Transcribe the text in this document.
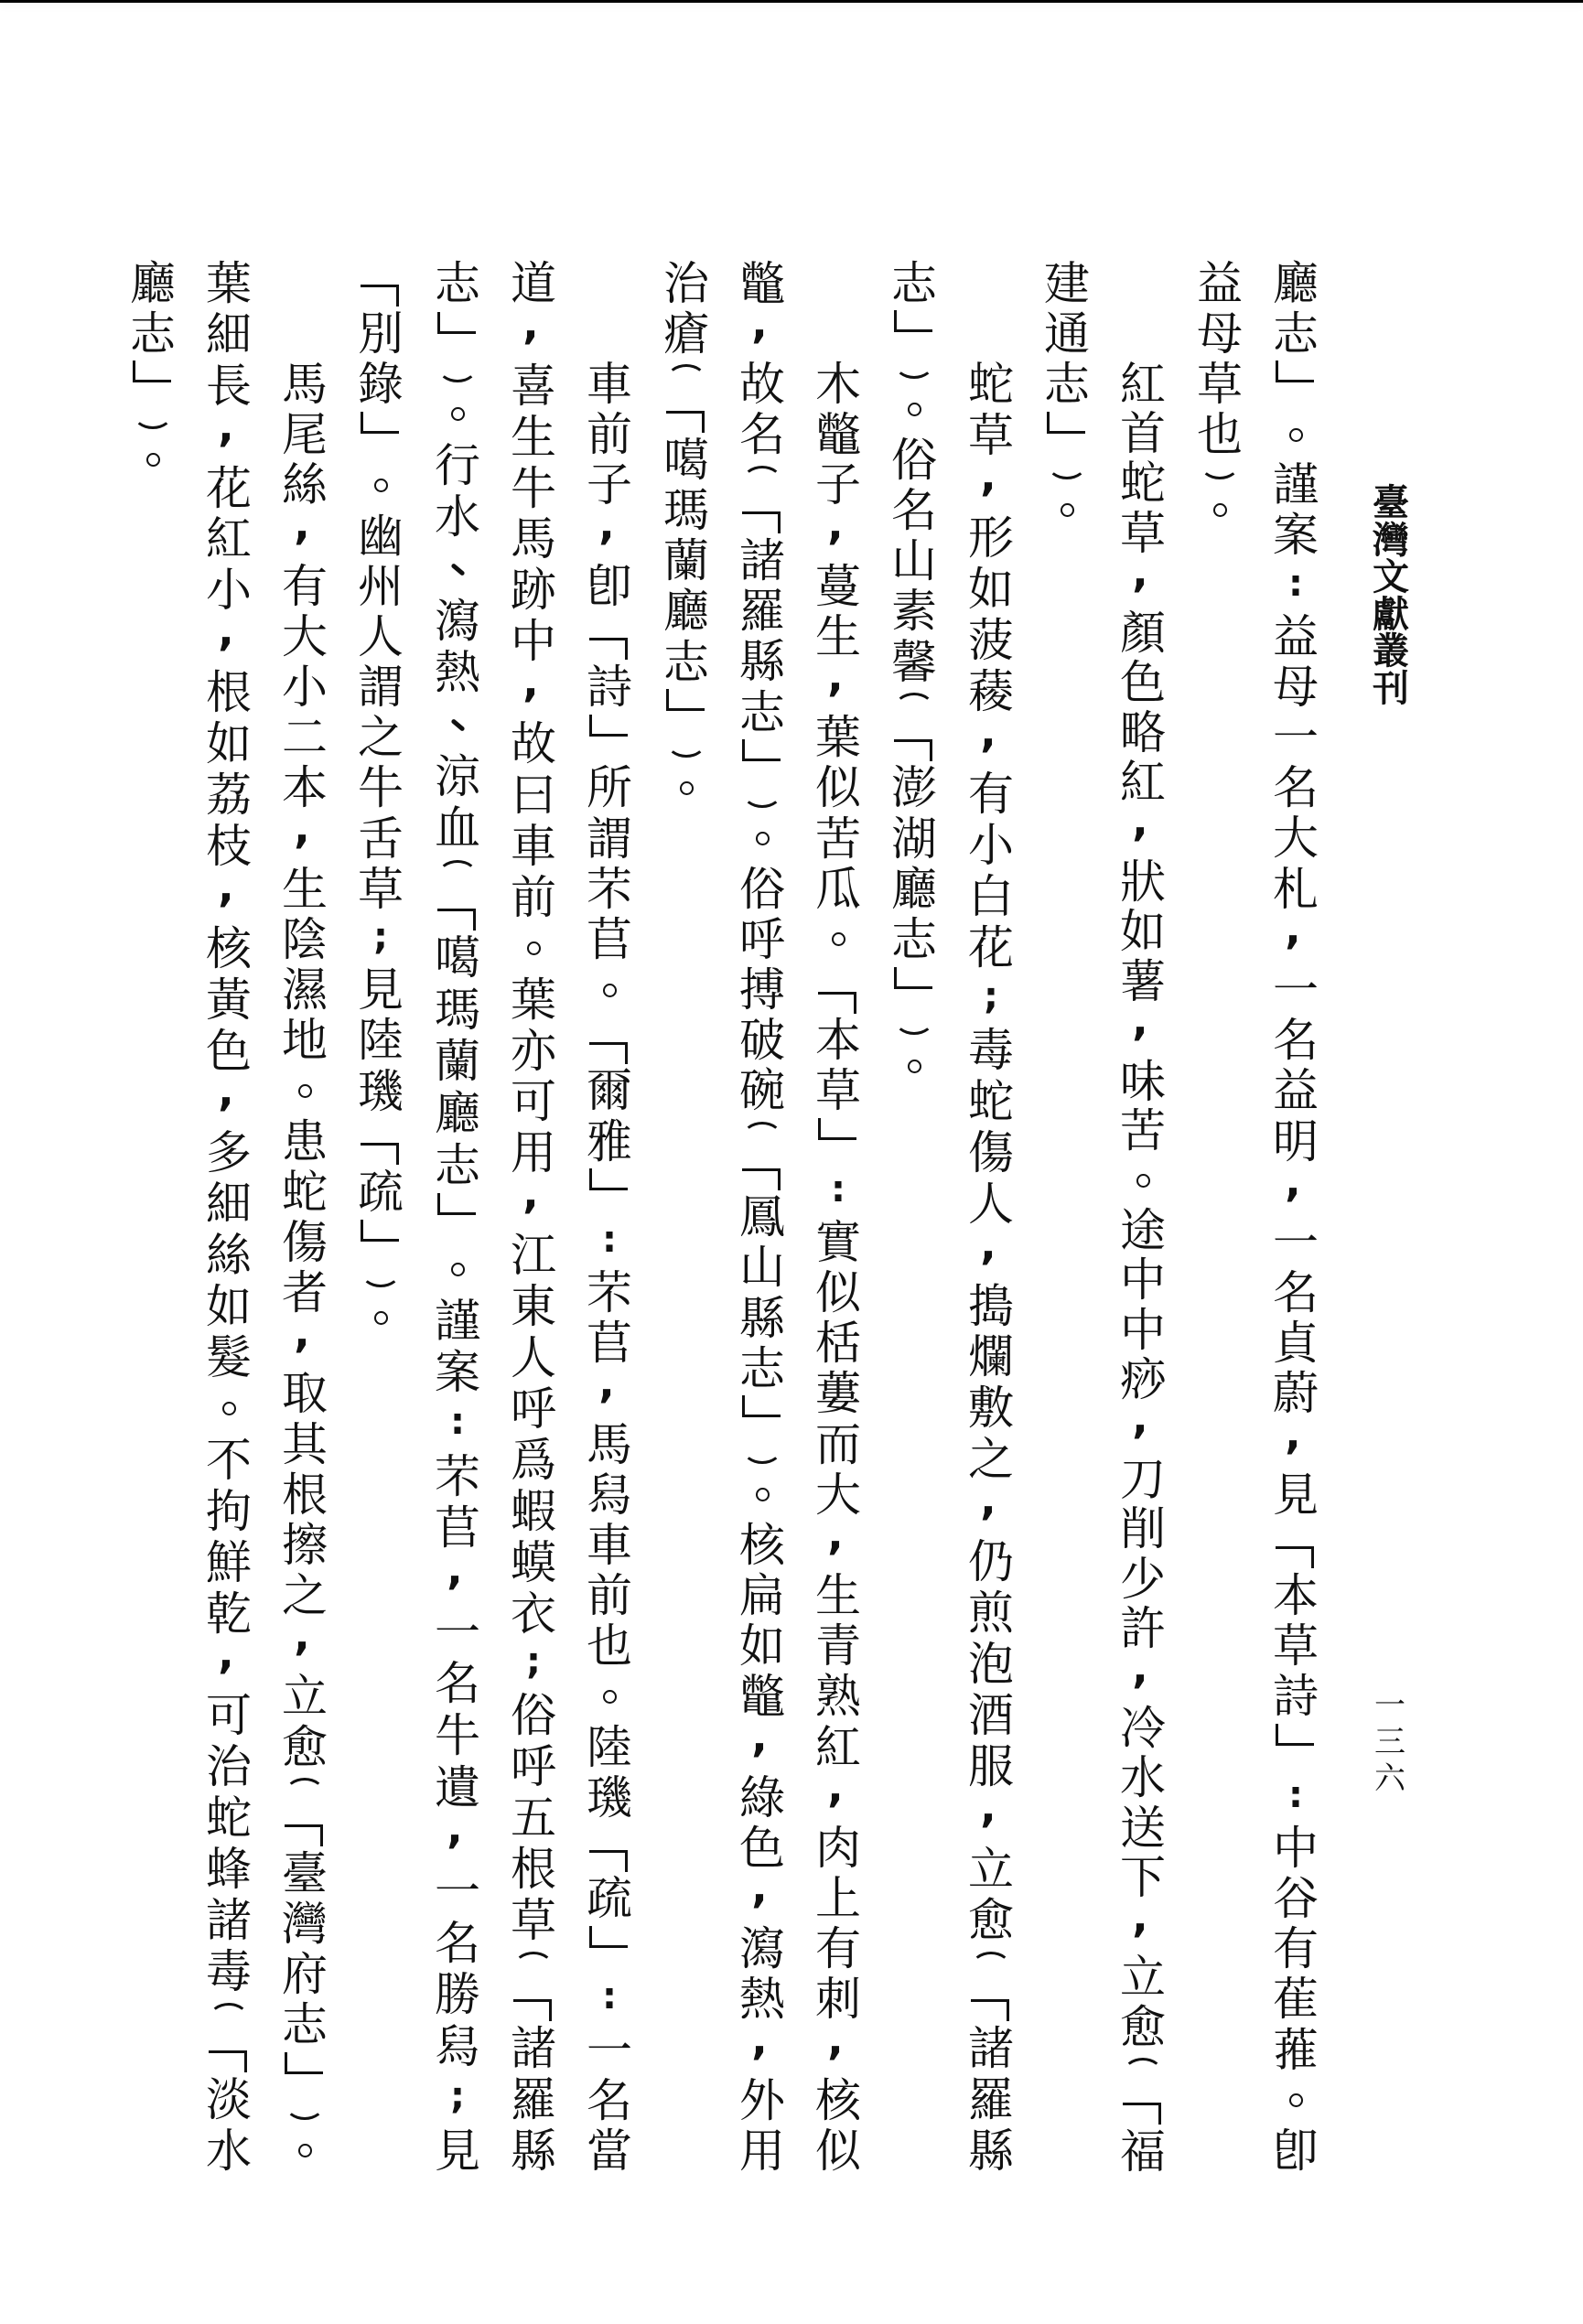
臺
灣
文
獻
叢
刊
一
三
六
廳
志
謹
案
:
益
母
一
名
大
札
,
一
名
益
明
,
一
名
貞
蔚
,
見
本
草
詩
:
中
谷
有
萑
蓷
卽
益
母
草
也
紅
首
蛇
草
,
顏
色
略
紅
,
狀
如
薯
,
味
苦
途
中
中
痧
,
刀
削
少
許
,
冷
水
送
下
,
立
愈
福
建
通
志
蛇
草
,
形
如
菠
薐
,
有
小
白
花
;
毒
蛇
傷
人
,
搗
爛
敷
之
,
仍
煎
泡
酒
服
,
立
愈
諸
羅
縣
志
俗
名
山
素
馨
澎
湖
廳
志
木
鼈
子
,
蔓
生
,
葉
似
苦
瓜
本
草
:
實
似
栝
蔞
而
大
,
生
青
熟
紅
,
肉
上
有
刺
,
核
似
鼈
,
故
名
諸
羅
縣
志
俗
呼
搏
破
碗
鳳
山
縣
志
核
扁
如
鼈
,
綠
色
,
瀉
熱
,
外
用
治
瘡
噶
瑪
蘭
廳
志
車
前
子
,
卽
詩
所
謂
芣
苢
爾
雅
:
芣
苢
,
馬
舄
車
前
也
陸
璣
疏
:
一
名
當
道
,
喜
生
牛
馬
跡
中
,
故
曰
車
前
葉
亦
可
用
,
江
東
人
呼
爲
蝦
蟆
衣
;
俗
呼
五
根
草
諸
羅
縣
志
行
水
瀉
熱
涼
血
噶
瑪
蘭
廳
志
謹
案
:
芣
苢
,
一
名
牛
遺
,
一
名
勝
舄
;
見
別
錄
幽
州
人
謂
之
牛
舌
草
;
見
陸
璣
疏
馬
尾
絲
,
有
大
小
二
本
,
生
陰
濕
地
患
蛇
傷
者
,
取
其
根
擦
之
,
立
愈
臺
灣
府
志
葉
細
長
,
花
紅
小
,
根
如
荔
枝
,
核
黃
色
,
多
細
絲
如
髮
不
拘
鮮
乾
,
可
治
蛇
蜂
諸
毒
淡
水
廳
志
